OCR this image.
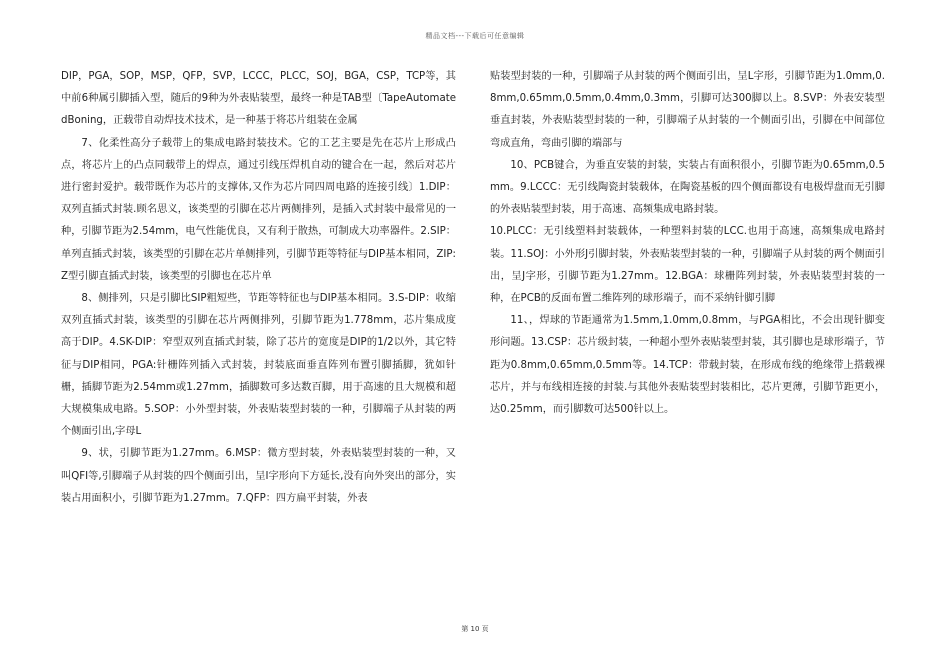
精品文档---下载后可任意编辑

DIP，PGA，SOP，MSP，QFP，SVP，LCCC，PLCC，SOJ，BGA，CSP，TCP等，其中前6种属引脚插入型，随后的9种为外表贴装型，最终一种是TAB型〔TapeAutomatedBoning，正载带自动焊技术技术，是一种基于将芯片组装在金属

7、化柔性高分子载带上的集成电路封装技术。它的工艺主要是先在芯片上形成凸点，将芯片上的凸点同载带上的焊点，通过引线压焊机自动的键合在一起，然后对芯片进行密封爱护。载带既作为芯片的支撑体,又作为芯片同四周电路的连接引线〕1.DIP：双列直插式封装.顾名思义，该类型的引脚在芯片两侧排列，是插入式封装中最常见的一种，引脚节距为2.54mm，电气性能优良，又有利于散热，可制成大功率器件。2.SIP：单列直插式封装，该类型的引脚在芯片单侧排列，引脚节距等特征与DIP基本相同，ZIP:Z型引脚直插式封装，该类型的引脚也在芯片单

8、侧排列，只是引脚比SIP粗短些，节距等特征也与DIP基本相同。3.S-DIP：收缩双列直插式封装，该类型的引脚在芯片两侧排列，引脚节距为1.778mm，芯片集成度高于DIP。4.SK-DIP：窄型双列直插式封装，除了芯片的宽度是DIP的1/2以外，其它特征与DIP相同，PGA:针栅阵列插入式封装，封装底面垂直阵列布置引脚插脚，犹如针栅，插脚节距为2.54mm或1.27mm，插脚数可多达数百脚，用于高速的且大规模和超大规模集成电路。5.SOP：小外型封装，外表贴装型封装的一种，引脚端子从封装的两个侧面引出,字母L

9、状，引脚节距为1.27mm。6.MSP：微方型封装，外表贴装型封装的一种，又叫QFI等,引脚端子从封装的四个侧面引出，呈I字形向下方延长,没有向外突出的部分，实装占用面积小，引脚节距为1.27mm。7.QFP：四方扁平封装，外表

贴装型封装的一种，引脚端子从封装的两个侧面引出，呈L字形，引脚节距为1.0mm,0.8mm,0.65mm,0.5mm,0.4mm,0.3mm，引脚可达300脚以上。8.SVP：外表安装型垂直封装，外表贴装型封装的一种，引脚端子从封装的一个侧面引出，引脚在中间部位弯成直角，弯曲引脚的端部与

10、PCB键合，为垂直安装的封装，实装占有面积很小，引脚节距为0.65mm,0.5mm。9.LCCC：无引线陶瓷封装载体，在陶瓷基板的四个侧面都设有电极焊盘而无引脚的外表贴装型封装，用于高速、高频集成电路封装。

10.PLCC：无引线塑料封装载体，一种塑料封装的LCC.也用于高速，高频集成电路封装。11.SOJ：小外形J引脚封装，外表贴装型封装的一种，引脚端子从封装的两个侧面引出，呈J字形，引脚节距为1.27mm。12.BGA：球栅阵列封装，外表贴装型封装的一种，在PCB的反面布置二维阵列的球形端子，而不采纳针脚引脚

11、，焊球的节距通常为1.5mm,1.0mm,0.8mm，与PGA相比，不会出现针脚变形问题。13.CSP：芯片级封装，一种超小型外表贴装型封装，其引脚也是球形端子，节距为0.8mm,0.65mm,0.5mm等。14.TCP：带载封装，在形成布线的绝缘带上搭载裸芯片，并与布线相连接的封装.与其他外表贴装型封装相比，芯片更薄，引脚节距更小，达0.25mm，而引脚数可达500针以上。

第 10 页
